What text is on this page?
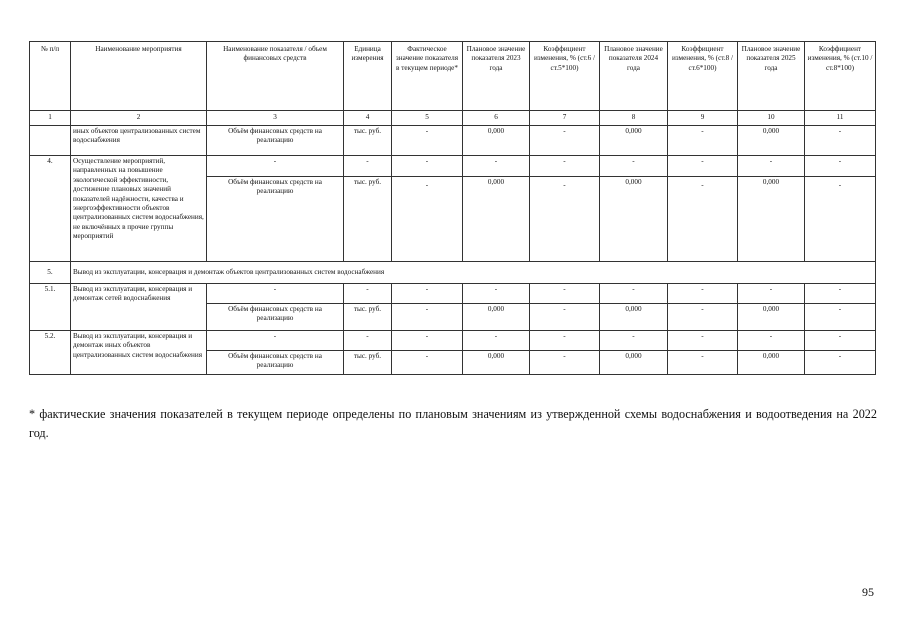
№ п/п	Наименование мероприятия	Наименование показателя / объем финансовых средств	Единица измерения	Фактическое значение показателя в текущем периоде*	Плановое значение показателя 2023 года	Коэффициент изменения, % (ст.6 /ст.5*100)	Плановое значение показателя 2024 года	Коэффициент изменения, % (ст.8 /ст.6*100)	Плановое значение показателя 2025 года	Коэффициент изменения, % (ст.10 /ст.8*100)
1	2	3	4	5	6	7	8	9	10	11
	иных объектов централизованных систем водоснабжения	Объём финансовых средств на реализацию	тыс. руб.	-	0,000	-	0,000	-	0,000	-
4.	Осуществление мероприятий, направленных на повышение экологической эффективности, достижение плановых значений показателей надёжности, качества и энергоэффективности объектов централизованных систем водоснабжения, не включённых в прочие группы мероприятий	-	-	-	-	-	-	-	-	-
		Объём финансовых средств на реализацию	тыс. руб.	-	0,000	-	0,000	-	0,000	-
5.	Вывод из эксплуатации, консервация и демонтаж объектов централизованных систем водоснабжения									
5.1.	Вывод из эксплуатации, консервация и демонтаж сетей водоснабжения	-	-	-	-	-	-	-	-	-
		Объём финансовых средств на реализацию	тыс. руб.	-	0,000	-	0,000	-	0,000	-
5.2.	Вывод из эксплуатации, консервация и демонтаж иных объектов централизованных систем водоснабжения	-	-	-	-	-	-	-	-	-
		Объём финансовых средств на реализацию	тыс. руб.	-	0,000	-	0,000	-	0,000	-
* фактические значения показателей в текущем периоде определены по плановым значениям из утвержденной схемы водоснабжения и водоотведения на 2022 год.
95
